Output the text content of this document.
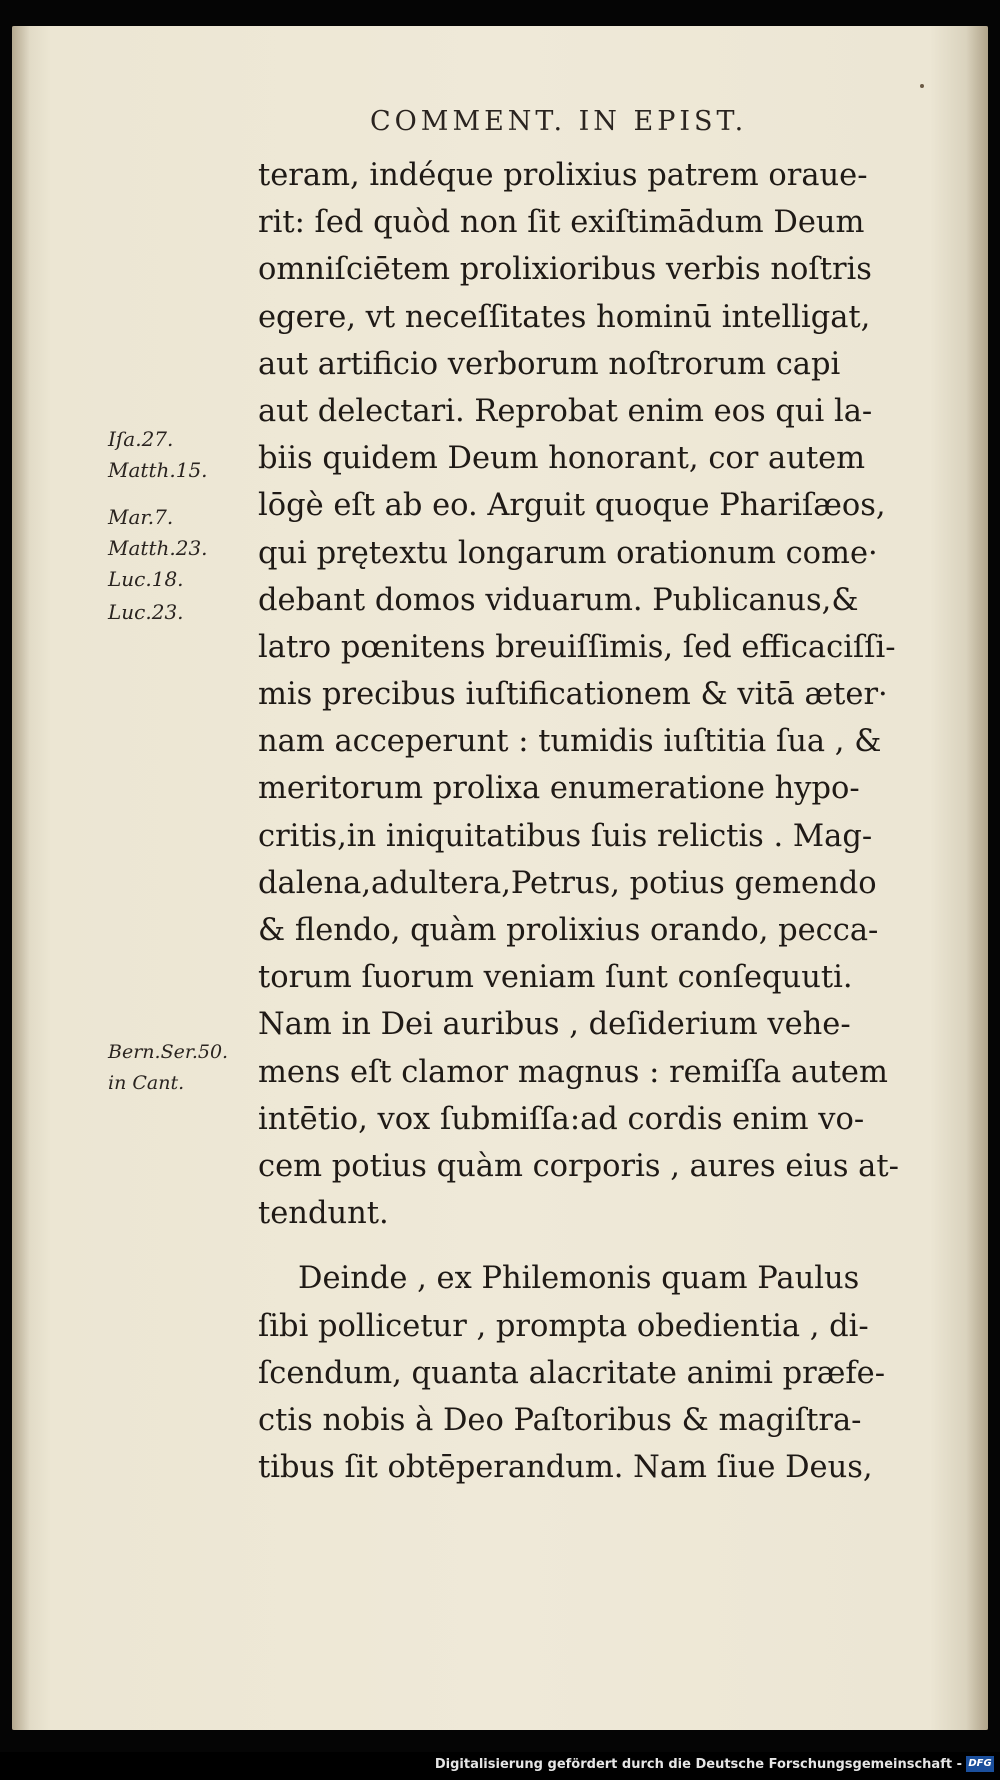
COMMENT. IN EPIST.
teram, indéque prolixius patrem oraue-
rit: ſed quòd non ſit exiſtimādum Deum
omniſciētem prolixioribus verbis noſtris
egere, vt neceſſitates hominū intelligat,
aut artificio verborum noſtrorum capi
aut delectari. Reprobat enim eos qui la-
biis quidem Deum honorant, cor autem
lōgè eſt ab eo. Arguit quoque Phariſæos,
qui prętextu longarum orationum come·
debant domos viduarum. Publicanus,&
latro pœnitens breuiſſimis, ſed efficaciſſi-
mis precibus iuſtificationem & vitā æter·
nam acceperunt : tumidis iuſtitia ſua , &
meritorum prolixa enumeratione hypo-
critis,in iniquitatibus ſuis relictis . Mag-
dalena,adultera,Petrus, potius gemendo
& flendo, quàm prolixius orando, pecca-
torum ſuorum veniam ſunt conſequuti.
Nam in Dei auribus , deſiderium vehe-
mens eſt clamor magnus : remiſſa autem
intētio, vox ſubmiſſa:ad cordis enim vo-
cem potius quàm corporis , aures eius at-
tendunt.
Deinde , ex Philemonis quam Paulus
ſibi pollicetur , prompta obedientia , di-
ſcendum, quanta alacritate animi præfe-
ctis nobis à Deo Paſtoribus & magiſtra-
tibus ſit obtēperandum. Nam ſiue Deus,
Iſa.27.
Matth.15.
Mar.7.
Matth.23.
Luc.18.
Luc.23.
Bern.Ser.50.
in Cant.
Digitalisierung gefördert durch die Deutsche Forschungsgemeinschaft - DFG
